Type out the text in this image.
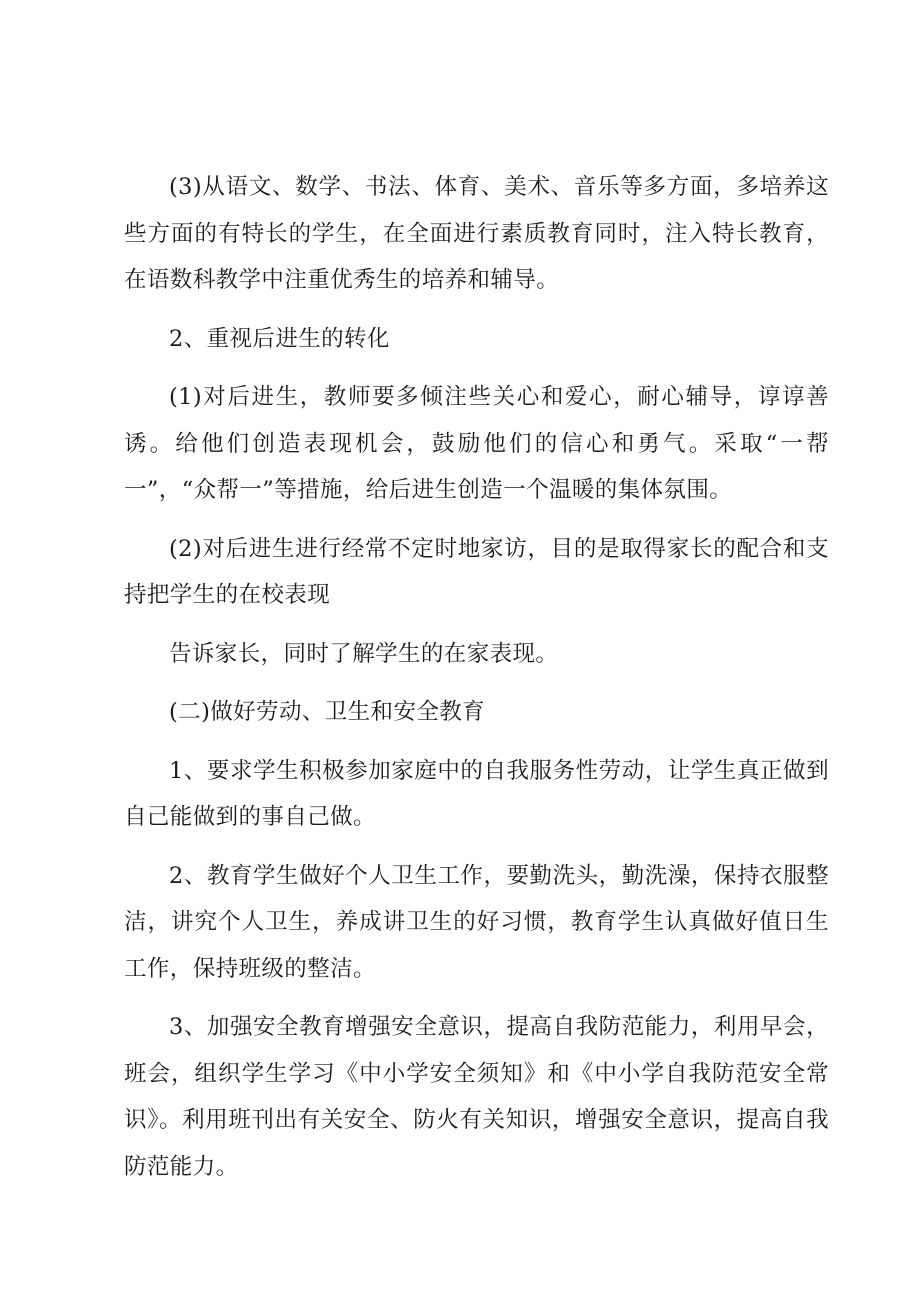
(3)从语文、数学、书法、体育、美术、音乐等多方面，多培养这些方面的有特长的学生，在全面进行素质教育同时，注入特长教育，在语数科教学中注重优秀生的培养和辅导。

2、重视后进生的转化

(1)对后进生，教师要多倾注些关心和爱心，耐心辅导，谆谆善诱。给他们创造表现机会，鼓励他们的信心和勇气。采取“一帮一”，“众帮一”等措施，给后进生创造一个温暖的集体氛围。

(2)对后进生进行经常不定时地家访，目的是取得家长的配合和支持把学生的在校表现

告诉家长，同时了解学生的在家表现。

(二)做好劳动、卫生和安全教育

1、要求学生积极参加家庭中的自我服务性劳动，让学生真正做到自己能做到的事自己做。

2、教育学生做好个人卫生工作，要勤洗头，勤洗澡，保持衣服整洁，讲究个人卫生，养成讲卫生的好习惯，教育学生认真做好值日生工作，保持班级的整洁。

3、加强安全教育增强安全意识，提高自我防范能力，利用早会，班会，组织学生学习《中小学安全须知》和《中小学自我防范安全常识》。利用班刊出有关安全、防火有关知识，增强安全意识，提高自我防范能力。
